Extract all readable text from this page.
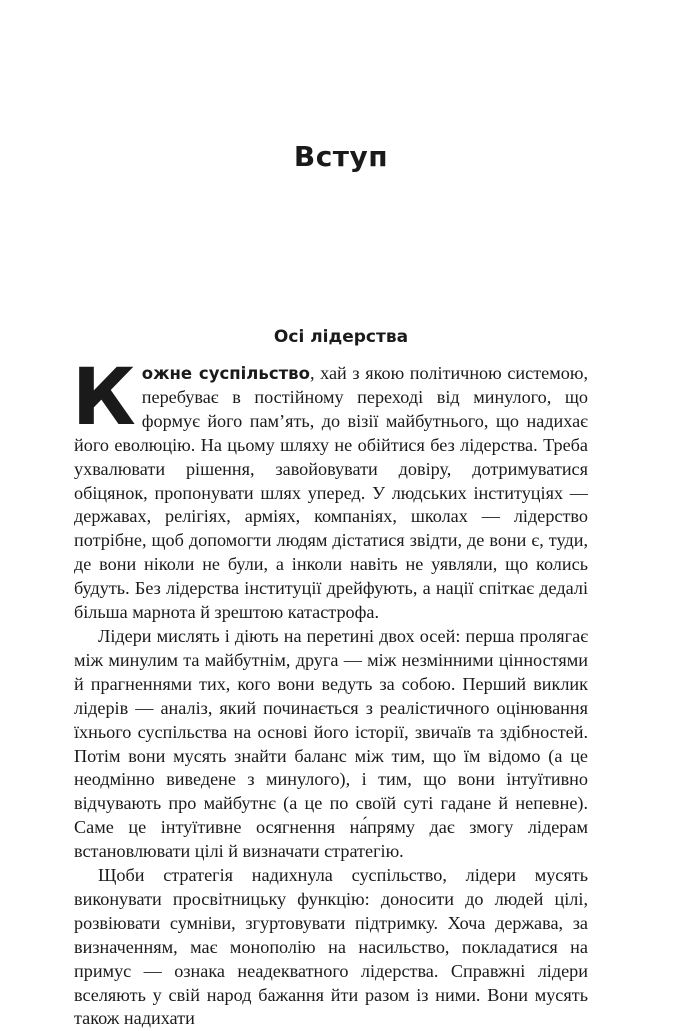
Вступ
Осі лідерства

Кожне суспільство, хай з якою політичною системою, перебуває в постійному переході від минулого, що формує його пам’ять, до візії майбутнього, що надихає його еволюцію. На цьому шляху не обійтися без лідерства. Треба ухвалювати рішення, завойовувати довіру, дотримуватися обіцянок, пропонувати шлях уперед. У людських інституціях — державах, релігіях, арміях, компаніях, школах — лідерство потрібне, щоб допомогти людям дістатися звідти, де вони є, туди, де вони ніколи не були, а інколи навіть не уявляли, що колись будуть. Без лідерства інституції дрейфують, а нації спіткає дедалі більша марнота й зрештою катастрофа.

Лідери мислять і діють на перетині двох осей: перша пролягає між минулим та майбутнім, друга — між незмінними цінностями й прагненнями тих, кого вони ведуть за собою. Перший виклик лідерів — аналіз, який починається з реалістичного оцінювання їхнього суспільства на основі його історії, звичаїв та здібностей. Потім вони мусять знайти баланс між тим, що їм відомо (а це неодмінно виведене з минулого), і тим, що вони інтуїтивно відчувають про майбутнє (а це по своїй суті гадане й непевне). Саме це інтуїтивне осягнення на́пряму дає змогу лідерам встановлювати цілі й визначати стратегію.

Щоби стратегія надихнула суспільство, лідери мусять виконувати просвітницьку функцію: доносити до людей цілі, розвіювати сумніви, згуртовувати підтримку. Хоча держава, за визначенням, має монополію на насильство, покладатися на примус — ознака неадекватного лідерства. Справжні лідери вселяють у свій народ бажання йти разом із ними. Вони мусять також надихати
